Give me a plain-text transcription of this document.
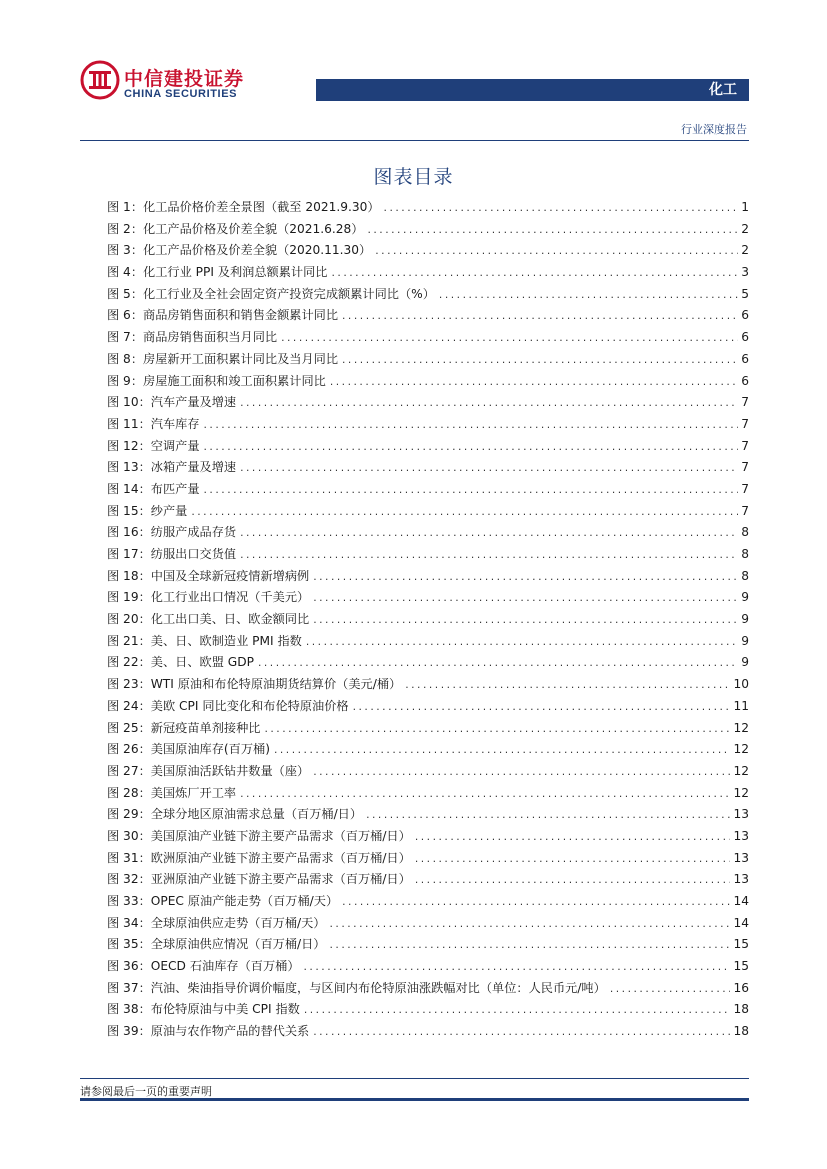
中信建投证券
CHINA SECURITIES	化工
行业深度报告
图表目录
图 1：化工品价格价差全景图（截至 2021.9.30） .....	1
图 2：化工产品价格及价差全貌（2021.6.28） .....	2
图 3：化工产品价格及价差全貌（2020.11.30） .....	2
图 4：化工行业 PPI 及利润总额累计同比 .....	3
图 5：化工行业及全社会固定资产投资完成额累计同比（%） .....	5
图 6：商品房销售面积和销售金额累计同比 .....	6
图 7：商品房销售面积当月同比 .....	6
图 8：房屋新开工面积累计同比及当月同比 .....	6
图 9：房屋施工面积和竣工面积累计同比 .....	6
图 10：汽车产量及增速 .....	7
图 11：汽车库存 .....	7
图 12：空调产量 .....	7
图 13：冰箱产量及增速 .....	7
图 14：布匹产量 .....	7
图 15：纱产量 .....	7
图 16：纺服产成品存货 .....	8
图 17：纺服出口交货值 .....	8
图 18：中国及全球新冠疫情新增病例 .....	8
图 19：化工行业出口情况（千美元） .....	9
图 20：化工出口美、日、欧金额同比 .....	9
图 21：美、日、欧制造业 PMI 指数 .....	9
图 22：美、日、欧盟 GDP .....	9
图 23：WTI 原油和布伦特原油期货结算价（美元/桶） .....	10
图 24：美欧 CPI 同比变化和布伦特原油价格 .....	11
图 25：新冠疫苗单剂接种比 .....	12
图 26：美国原油库存(百万桶) .....	12
图 27：美国原油活跃钻井数量（座） .....	12
图 28：美国炼厂开工率 .....	12
图 29：全球分地区原油需求总量（百万桶/日） .....	13
图 30：美国原油产业链下游主要产品需求（百万桶/日） .....	13
图 31：欧洲原油产业链下游主要产品需求（百万桶/日） .....	13
图 32：亚洲原油产业链下游主要产品需求（百万桶/日） .....	13
图 33：OPEC 原油产能走势（百万桶/天） .....	14
图 34：全球原油供应走势（百万桶/天） .....	14
图 35：全球原油供应情况（百万桶/日） .....	15
图 36：OECD 石油库存（百万桶） .....	15
图 37：汽油、柴油指导价调价幅度，与区间内布伦特原油涨跌幅对比（单位：人民币元/吨） .....	16
图 38：布伦特原油与中美 CPI 指数 .....	18
图 39：原油与农作物产品的替代关系 .....	18
请参阅最后一页的重要声明
